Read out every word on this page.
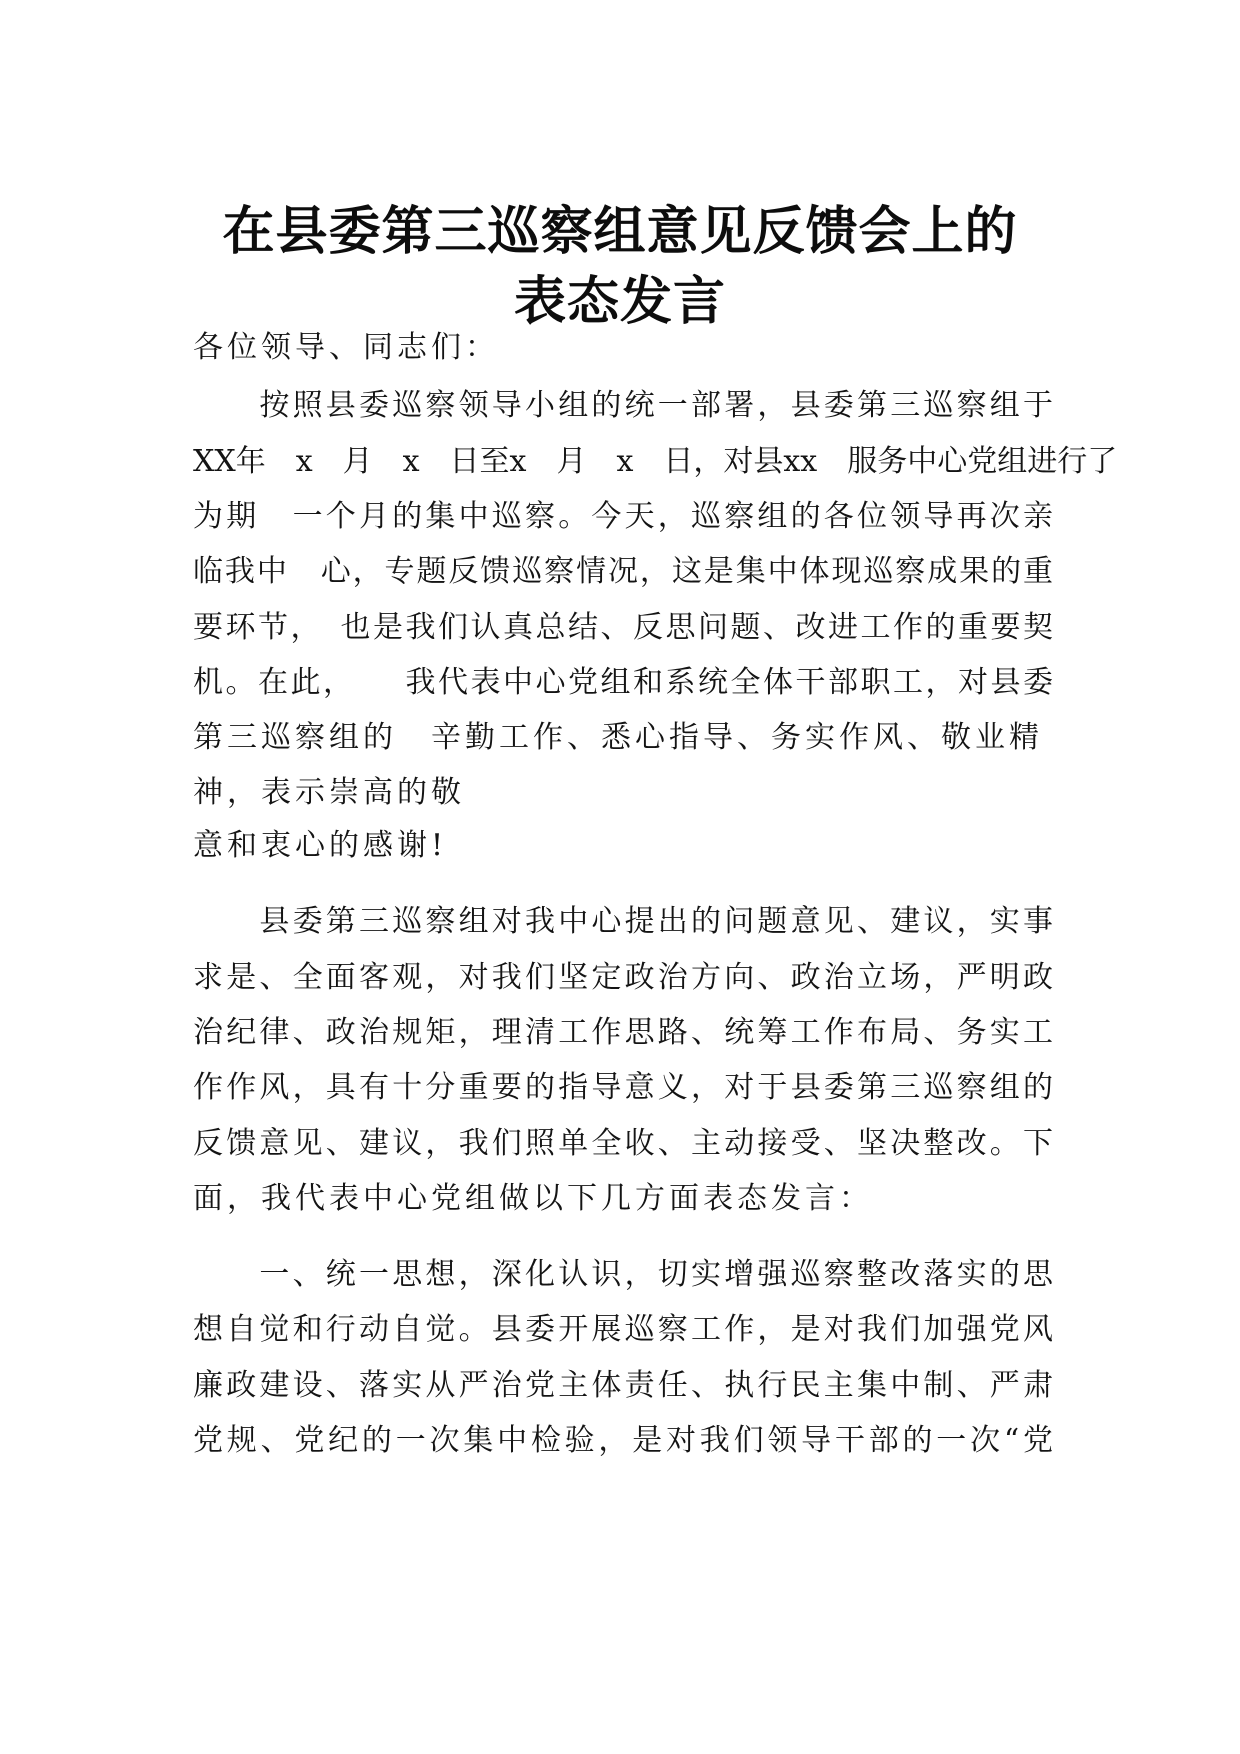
在县委第三巡察组意见反馈会上的
表态发言
各位领导、同志们：
　　按照县委巡察领导小组的统一部署，县委第三巡察组于
XX年　x　月　x　日至x　月　x　日，对县xx　服务中心党组进行了
为期　一个月的集中巡察。今天，巡察组的各位领导再次亲
临我中　心，专题反馈巡察情况，这是集中体现巡察成果的重
要环节，　也是我们认真总结、反思问题、改进工作的重要契
机。在此，　　我代表中心党组和系统全体干部职工，对县委
第三巡察组的　辛勤工作、悉心指导、务实作风、敬业精
神，表示崇高的敬
意和衷心的感谢!
　　县委第三巡察组对我中心提出的问题意见、建议，实事
求是、全面客观，对我们坚定政治方向、政治立场，严明政
治纪律、政治规矩，理清工作思路、统筹工作布局、务实工
作作风，具有十分重要的指导意义，对于县委第三巡察组的
反馈意见、建议，我们照单全收、主动接受、坚决整改。下
面，我代表中心党组做以下几方面表态发言：
　　一、统一思想，深化认识，切实增强巡察整改落实的思
想自觉和行动自觉。县委开展巡察工作，是对我们加强党风
廉政建设、落实从严治党主体责任、执行民主集中制、严肃
党规、党纪的一次集中检验，是对我们领导干部的一次“党
